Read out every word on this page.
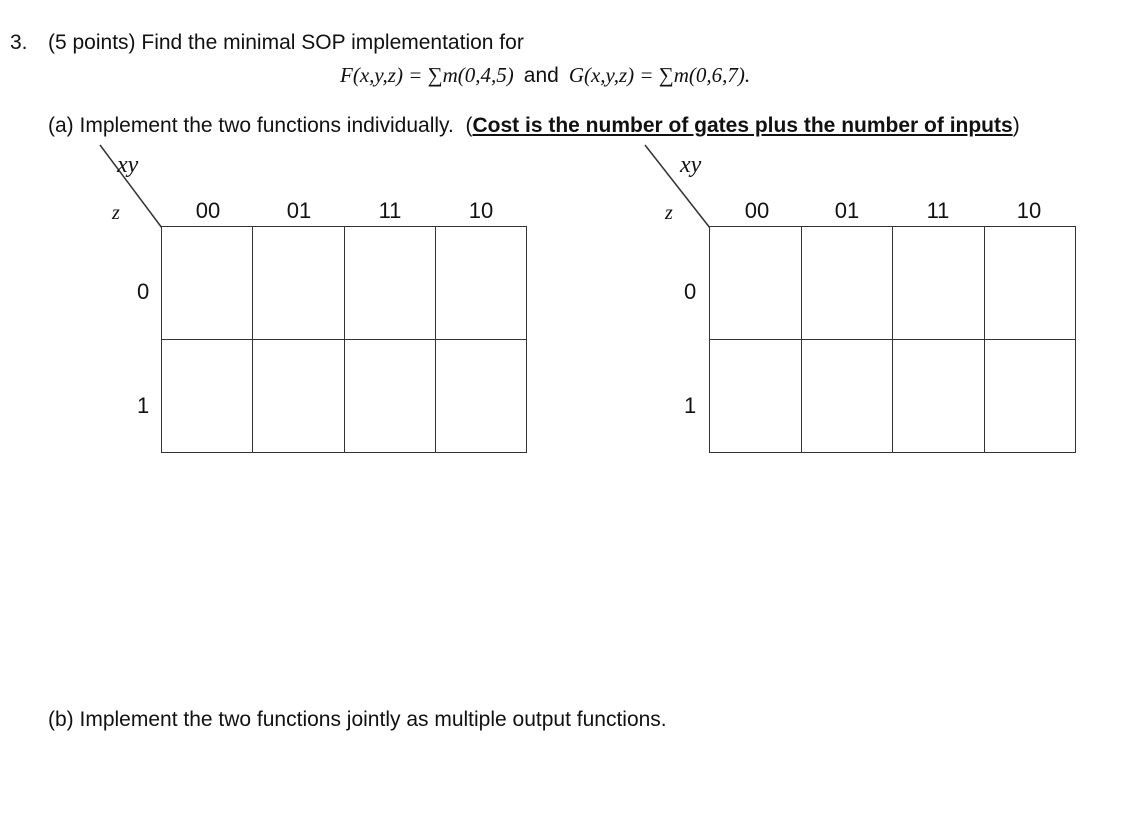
3. (5 points) Find the minimal SOP implementation for
F(x,y,z) = ∑m(0,4,5) and G(x,y,z) = ∑m(0,6,7).
(a) Implement the two functions individually. (Cost is the number of gates plus the number of inputs)
xy
z	00	01	11	10
0
1
xy
z	00	01	11	10
0
1
(b) Implement the two functions jointly as multiple output functions.
